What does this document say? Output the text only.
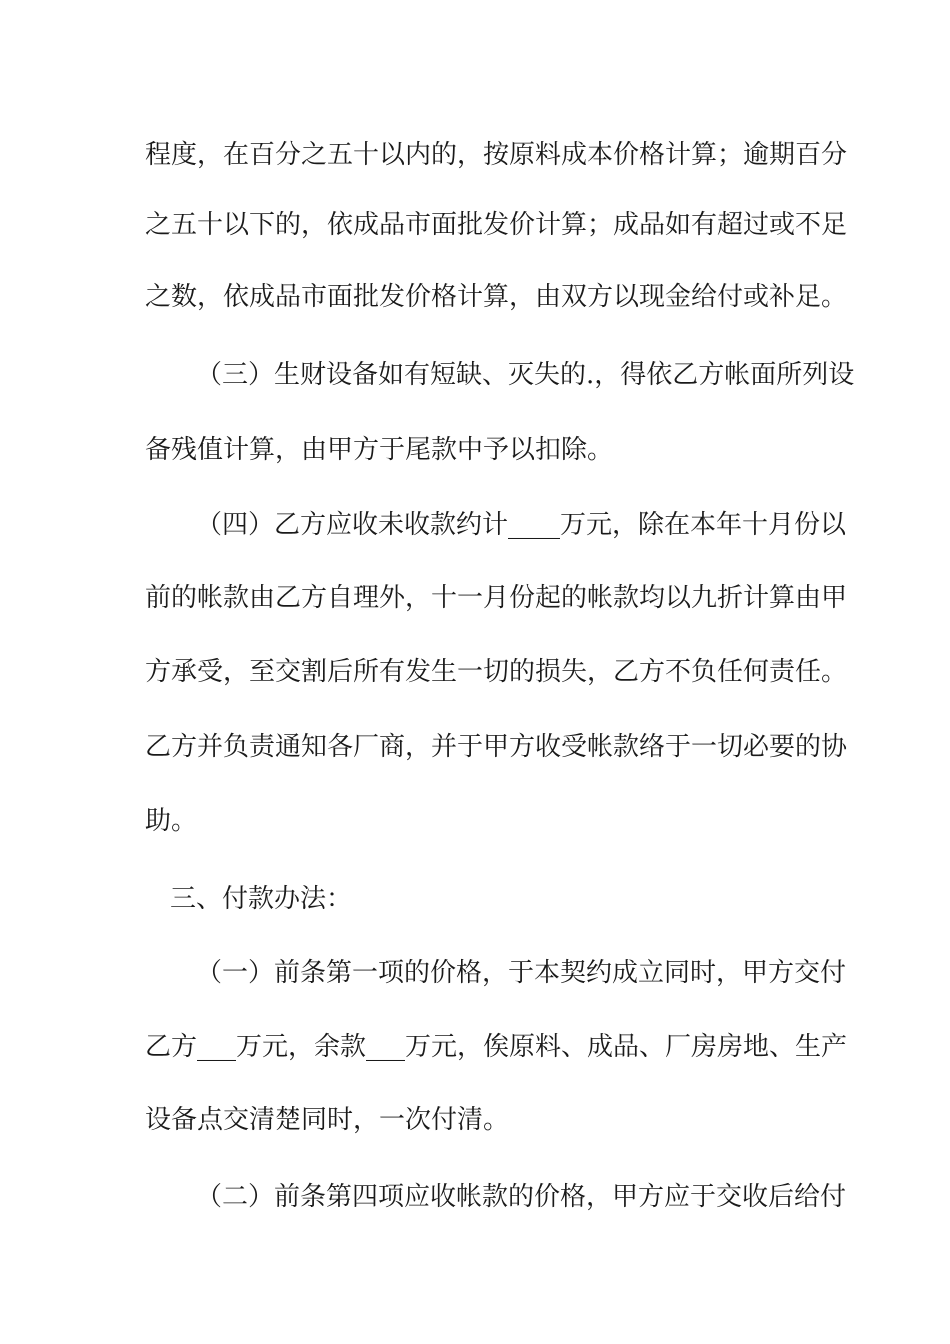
程度，在百分之五十以内的，按原料成本价格计算；逾期百分
之五十以下的，依成品市面批发价计算；成品如有超过或不足
之数，依成品市面批发价格计算，由双方以现金给付或补足。
（三）生财设备如有短缺、灭失的.，得依乙方帐面所列设
备残值计算，由甲方于尾款中予以扣除。
（四）乙方应收未收款约计____万元，除在本年十月份以
前的帐款由乙方自理外，十一月份起的帐款均以九折计算由甲
方承受，至交割后所有发生一切的损失，乙方不负任何责任。
乙方并负责通知各厂商，并于甲方收受帐款络于一切必要的协
助。
三、付款办法：
（一）前条第一项的价格，于本契约成立同时，甲方交付
乙方___万元，余款___万元，俟原料、成品、厂房房地、生产
设备点交清楚同时，一次付清。
（二）前条第四项应收帐款的价格，甲方应于交收后给付
